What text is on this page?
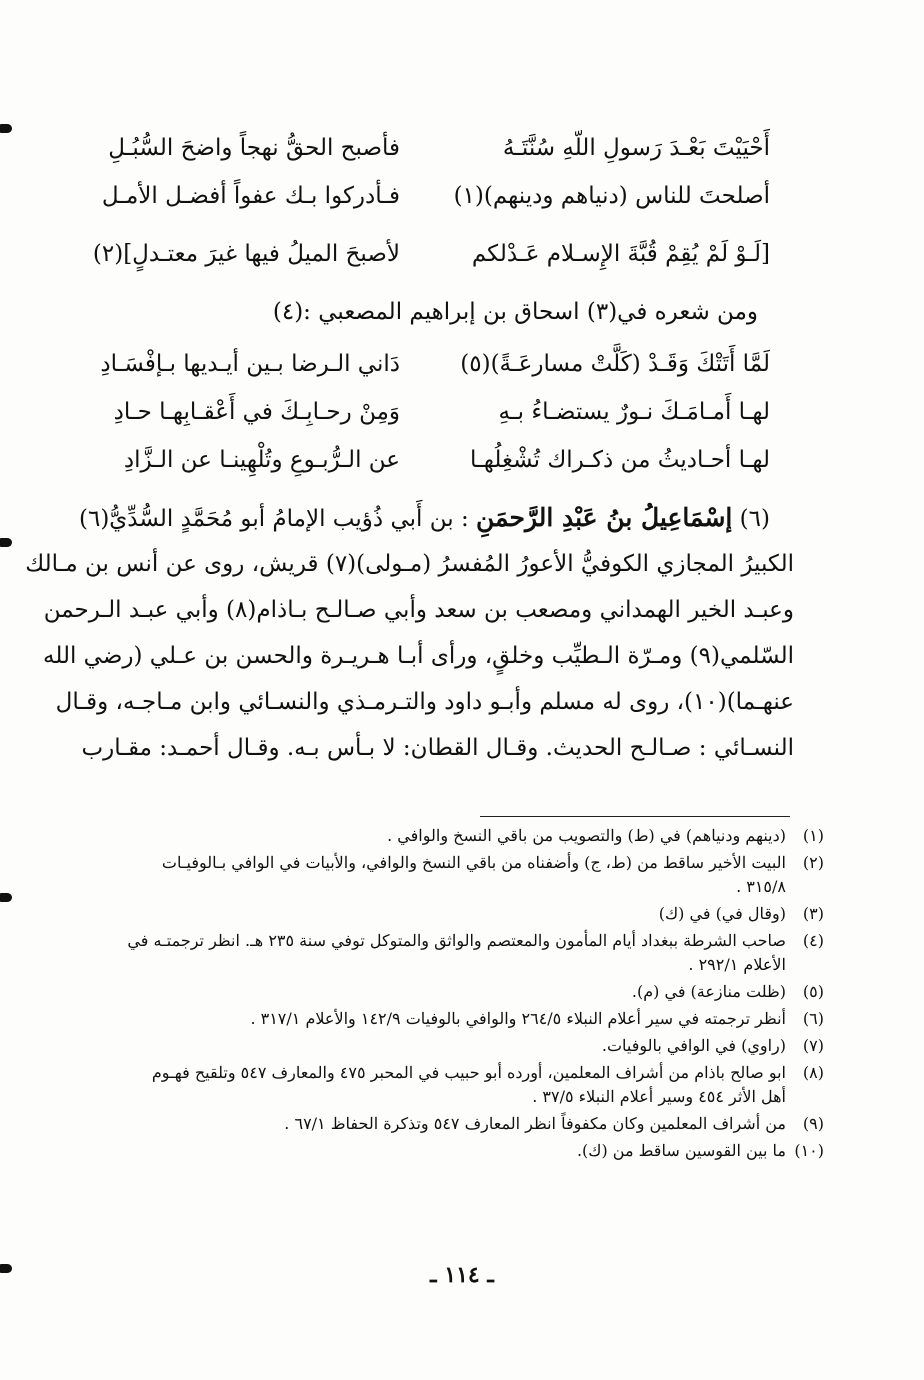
أَحْيَيْتَ بَعْـدَ رَسولِ اللّهِ سُنَّتَـهُ
فأصبح الحقُّ نهجاً واضحَ السُّبُـلِ
أصلحتَ للناس (دنياهم ودينهم)(١)
فـأدركوا بـك عفواً أفضـل الأمـل
[لَـوْ لَمْ يُقِمْ قُبَّةَ الإِسـلام عَـدْلكم
لأصبحَ الميلُ فيها غيرَ معتـدلٍ](٢)
ومن شعره في(٣) اسحاق بن إبراهيم المصعبي :(٤)
لَمَّا أَتَتْكَ وَقَـدْ (كَلَّتْ مسارعَـةً)(٥)
دَاني الـرضا بـين أيـديها بـإفْسَـادِ
لهـا أَمـامَـكَ نـورٌ يستضـاءُ بـهِ
وَمِنْ رحـابِـكَ في أَعْقـابِهـا حـادِ
لهـا أحـاديثُ من ذكـراك تُشْغِلُهـا
عن الـرُّبـوعِ وتُلْهِينـا عن الـزَّادِ
(٦) إسْمَاعِيلُ بنُ عَبْدِ الرَّحمَنِ : بن أَبي ذُؤيب الإمامُ أبو مُحَمَّدٍ السُّدِّيُّ(٦)
الكبيرُ المجازي الكوفيُّ الأعورُ المُفسرُ (مـولى)(٧) قريش، روى عن أنس بن مـالك
وعبـد الخير الهمداني ومصعب بن سعد وأبي صـالـح بـاذام(٨) وأبي عبـد الـرحمن
السّلمي(٩) ومـرّة الـطيِّب وخلقٍ، ورأى أبـا هـريـرة والحسن بن عـلي (رضي الله
عنهـما)(١٠)، روى له مسلم وأبـو داود والتـرمـذي والنسـائي وابن مـاجـه، وقـال
النسـائي : صـالـح الحديث. وقـال القطان: لا بـأس بـه. وقـال أحمـد: مقـارب
(١)
(دينهم ودنياهم) في (ط) والتصويب من باقي النسخ والوافي .
(٢)
البيت الأخير ساقط من (ط، ج) وأضفناه من باقي النسخ والوافي، والأبيات في الوافي بـالوفيـات ٣١٥/٨ .
(٣)
(وقال في) في (ك)
(٤)
صاحب الشرطة ببغداد أيام المأمون والمعتصم والواثق والمتوكل توفي سنة ٢٣٥ هـ. انظر ترجمتـه في الأعلام ٢٩٢/١ .
(٥)
(ظلت منازعة) في (م).
(٦)
أنظر ترجمته في سير أعلام النبلاء ٢٦٤/٥ والوافي بالوفيات ١٤٢/٩ والأعلام ٣١٧/١ .
(٧)
(راوي) في الوافي بالوفيات.
(٨)
ابو صالح باذام من أشراف المعلمين، أورده أبو حبيب في المحبر ٤٧٥ والمعارف ٥٤٧ وتلقيح فهـوم أهل الأثر ٤٥٤ وسير أعلام النبلاء ٣٧/٥ .
(٩)
من أشراف المعلمين وكان مكفوفاً انظر المعارف ٥٤٧ وتذكرة الحفاظ ٦٧/١ .
(١٠)
ما بين القوسين ساقط من (ك).
ـ ١١٤ ـ
